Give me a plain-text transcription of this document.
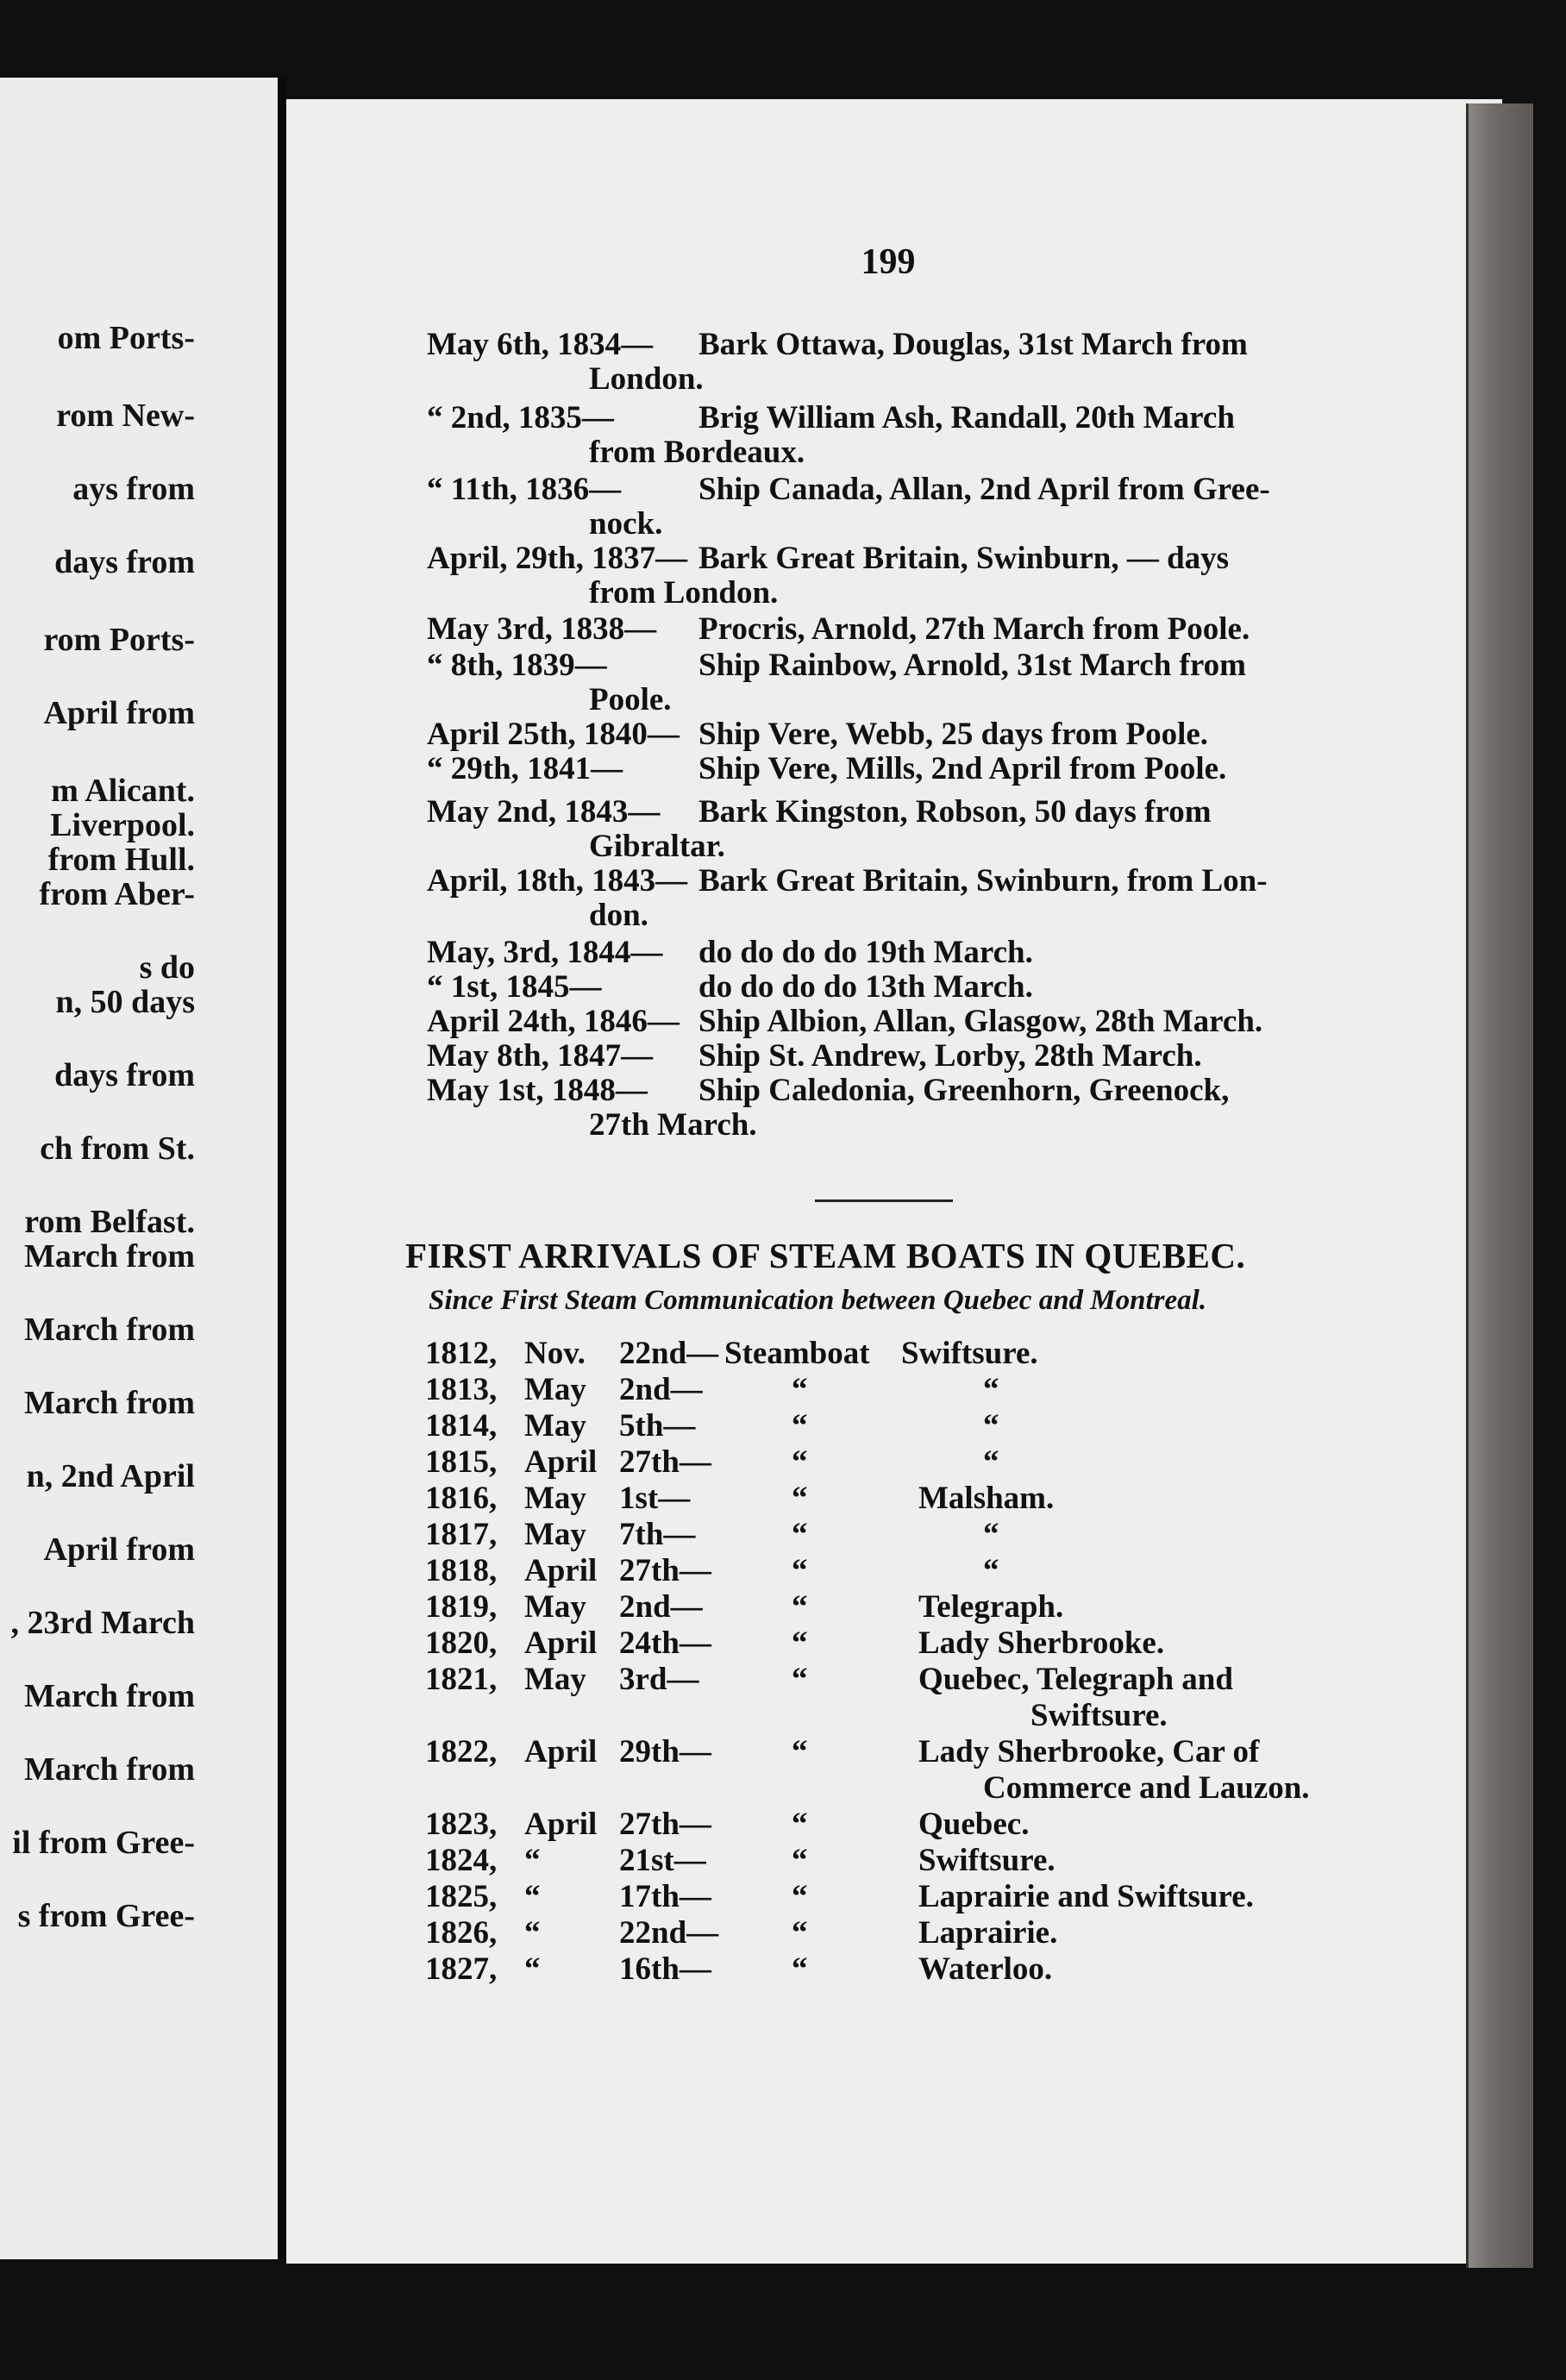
om Ports-
rom New-
ays from
days from
rom Ports-
April from
m Alicant.
Liverpool.
from Hull.
from Aber-
s do
n, 50 days
days from
ch from St.
rom Belfast.
March from
March from
March from
n, 2nd April
April from
, 23rd March
March from
March from
il from Gree-
s from Gree-
199
May 6th, 1834— Bark Ottawa, Douglas, 31st March from
London.
“ 2nd, 1835—	Brig William Ash, Randall, 20th March
from Bordeaux.
“ 11th, 1836— Ship Canada, Allan, 2nd April from Gree-
nock.
April, 29th, 1837— Bark Great Britain, Swinburn, — days
from London.
May 3rd, 1838— Procris, Arnold, 27th March from Poole.
“ 8th, 1839—	Ship Rainbow, Arnold, 31st March from
Poole.
April 25th, 1840— Ship Vere, Webb, 25 days from Poole.
“ 29th, 1841— Ship Vere, Mills, 2nd April from Poole.
May 2nd, 1843— Bark Kingston, Robson, 50 days from
Gibraltar.
April, 18th, 1843— Bark Great Britain, Swinburn, from Lon-
don.
May, 3rd, 1844— do do do do 19th March.
“ 1st, 1845—	do do do do 13th March.
April 24th, 1846— Ship Albion, Allan, Glasgow, 28th March.
May 8th, 1847— Ship St. Andrew, Lorby, 28th March.
May 1st, 1848— Ship Caledonia, Greenhorn, Greenock,
27th March.
FIRST ARRIVALS OF STEAM BOATS IN QUEBEC.
Since First Steam Communication between Quebec and Montreal.
1812, Nov. 22nd— Steamboat Swiftsure.
1813, May 2nd—	“	“
1814, May 5th—	“	“
1815, April 27th—	“	“
1816, May 1st—	“	Malsham.
1817, May 7th—	“	“
1818, April 27th—	“	“
1819, May 2nd—	“	Telegraph.
1820, April 24th—	“	Lady Sherbrooke.
1821, May 3rd—	“	Quebec, Telegraph and
Swiftsure.
1822, April 29th—	“	Lady Sherbrooke, Car of
Commerce and Lauzon.
1823, April 27th—	“	Quebec.
1824, “ 21st—	“	Swiftsure.
1825, “ 17th—	“	Laprairie and Swiftsure.
1826, “ 22nd— “	Laprairie.
1827, “ 16th—	“	Waterloo.
